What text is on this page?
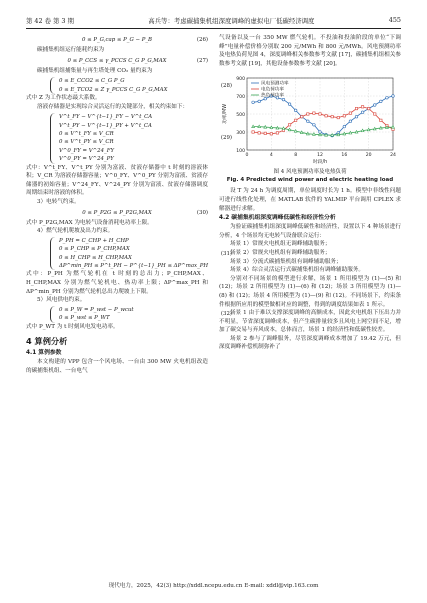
第 42 卷 第 3 期	高兵等：考虑碳捕集机组深度调峰的虚拟电厂低碳经济调度	455
0 ≤ P_G,cap ≤ P_G − P_B	(26)

碳捕集机组运行能耗约束为

0 ≤ P_CCS ≤ γ_PCCS C_G P_G,MAX	(27)

碳捕集机组捕集量与再生塔处理 CO₂ 量约束为

0 ≤ E_CCO2 ≤ C_G P_G
0 ≤ E_TCO2 ≤ Z γ_PCCS C_G P_G,MAX
(28)

式中 Z 为工作状态最大系数。

溶液存储器是实现综合灵活运行的关键部分，相关约束如下：

V^t_FY − V^{t−1}_FY − V^t_CA
V^t_PY − V^{t−1}_PY + V^t_CA
0 ≤ V^t_FY ≤ V_CR
0 ≤ V^t_PY ≤ V_CR
V^0_FY = V^24_FY
V^0_PY = V^24_PY
(29)

式中：V^t_FY、V^t_PY 分别为富液、贫液存储器中 t 时刻的溶液体积；V_CR 为溶液存储器容量；V^0_FY、V^0_PY 分别为富液、贫液存储器的初始容量；V^24_FY、V^24_PY 分别为富液、贫液存储器调度周期结束时溶液的体积。

3）电转气约束。

0 ≤ P_P2G ≤ P_P2G,MAX	(30)

式中 P_P2G,MAX 为电转气设备消耗电功率上限。

4）燃气轮机爬坡及出力约束。

P_PH = C_CHP + H_CHP
0 ≤ P_CHP ≤ P_CHP,MAX
0 ≤ H_CHP ≤ H_CHP,MAX
ΔP^min_PH ≤ P^t_PH − P^{t−1}_PH ≤ ΔP^max_PH
(31)

式中：P_PH 为燃气轮机在 t 时刻的总出力；P_CHP,MAX、H_CHP,MAX 分别为燃气轮机电、热功率上限；ΔP^max_PH 和 ΔP^min_PH 分别为燃气轮机总出力爬坡上下限。

5）风电供电约束。

0 ≤ P_W = P_wst − P_wcut
0 ≤ P_wst ≤ P_WT
(32)

式中 P_WT 为 t 时刻风电发电功率。

4 算例分析
4.1 算例参数

本文构建的 VPP 包含一个风电场、一台由 300 MW 火电机组改造的碳捕集机组、一台电气

气设备以及一台 350 MW 燃气轮机。不投油和投油阶段的单位“下调峰”电量补偿价格分别取 200 元/MWh 和 800 元/MWh。风电预测功率及电热负荷见图 4，深度调峰相关参数参考文献 [17]，碳捕集机组相关参数参考文献 [19]，其他设备参数参考文献 [20]。

100
300
500
700
900
0	4	8	12	16	20	24
时段/h
功率/MW
风电预测功率
电负荷功率
热负荷功率
图 4 风电预测功率及电热负荷
Fig. 4 Predicted wind power and electric heating load

设 T 为 24 h 为调度周期，单位调度时长为 1 h。模型中非线性问题可进行线性化处理，在 MATLAB 软件的 YALMIP 平台调用 CPLEX 求解器进行求解。

4.2 碳捕集机组深度调峰低碳性和经济性分析

为验证碳捕集机组深度调峰低碳性和经济性，设置以下 4 种场景进行分析，4 个场景均无电转气设备联合运行：

场景 1）常规火电机组无调峰辅助服务；

场景 2）常规火电机组有调峰辅助服务；

场景 3）分流式碳捕集机组有调峰辅助服务；

场景 4）综合灵活运行式碳捕集机组有调峰辅助服务。

分别对不同场景的模型进行求解，场景 1 所用模型为 (1)—(5) 和 (12)；场景 2 所用模型为 (1)—(6) 和 (12)；场景 3 所用模型为 (1)—(8) 和 (12)；场景 4 所用模型为 (1)—(9) 和 (12)。不同场景下，约束条件根据所应用的模型做相对应的调整，得到的调度结果如表 1 所示。

场景 1 由于难以支撑深度调峰的高额成本，因此火电机组下压出力并不明显，节省深度调峰成本，但产生碳排量较多且风电上网空间不足，增加了碳交易与弃风成本，总体而言，场景 1 的经济性和低碳性较差。

场景 2 参与了调峰服务，尽管深度调峰成本增加了 19.42 万元，但深度调峰补偿机制弥补了

现代电力，2025，42(3) http://xddl.ncepu.edu.cn E-mail: xddl@vip.163.com
